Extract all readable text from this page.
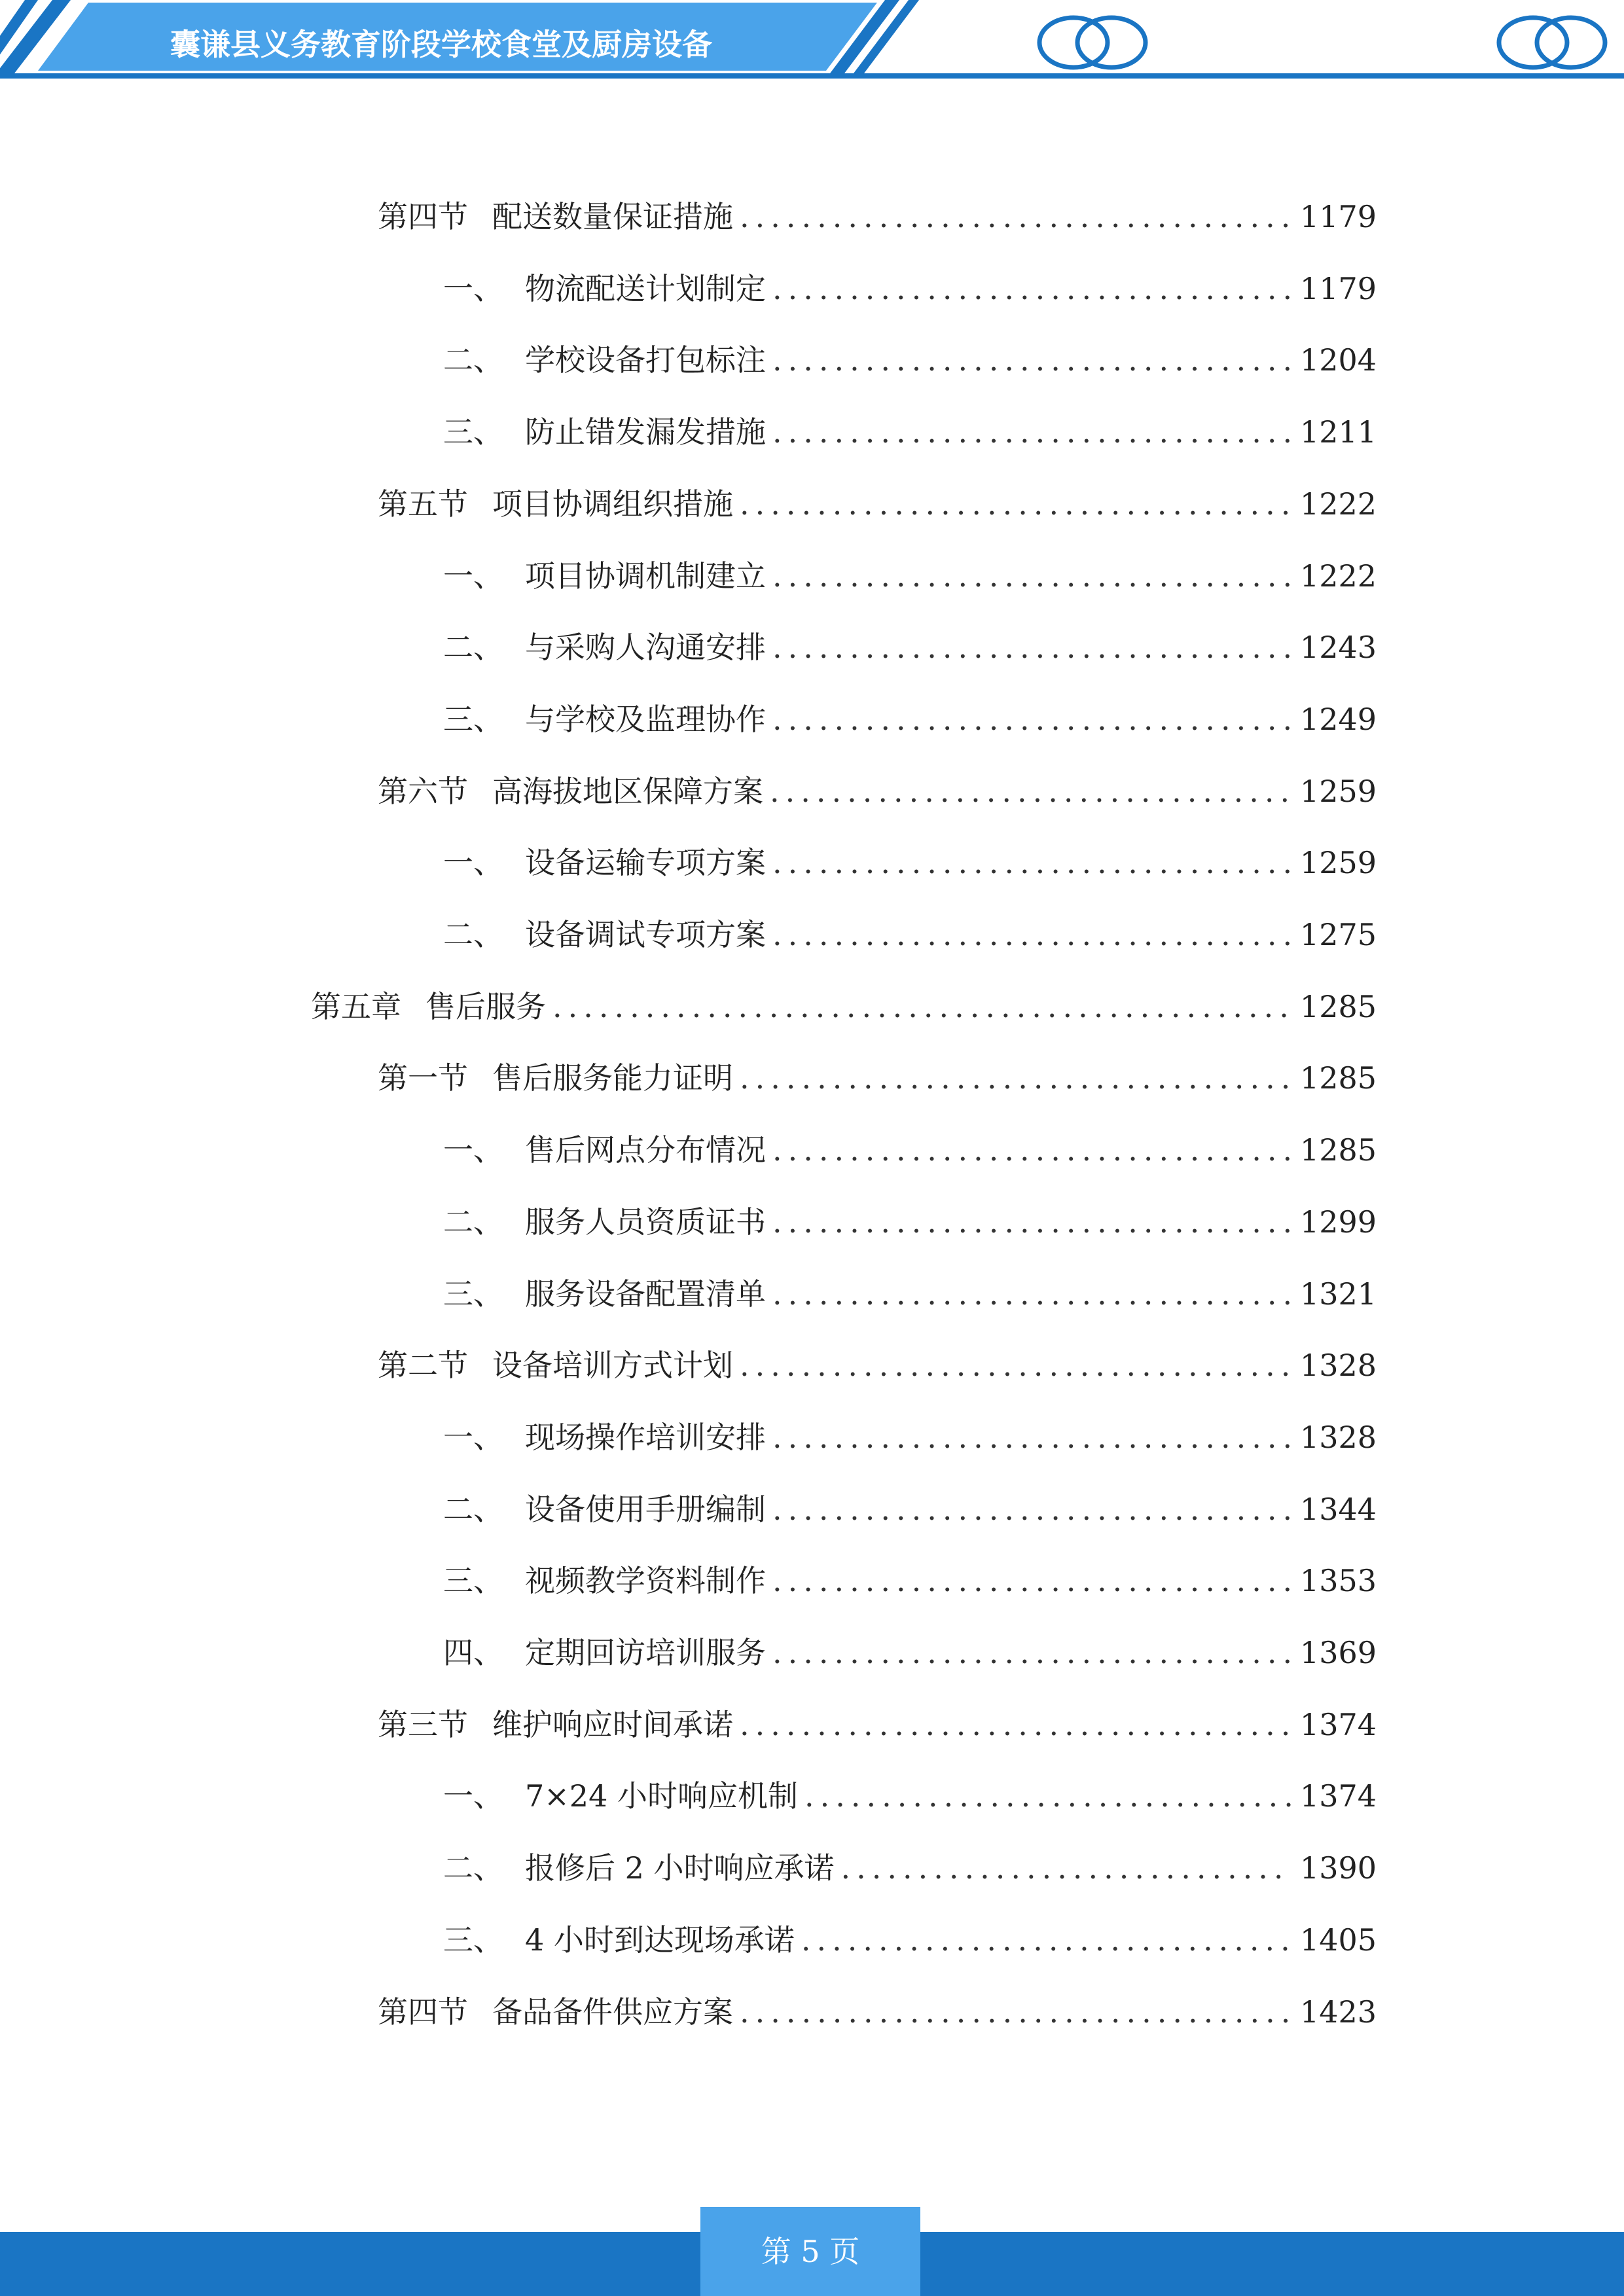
囊谦县义务教育阶段学校食堂及厨房设备
第四节 配送数量保证措施 .....	1179
一、 物流配送计划制定 .....	1179
二、 学校设备打包标注 .....	1204
三、 防止错发漏发措施 .....	1211
第五节 项目协调组织措施 .....	1222
一、 项目协调机制建立 .....	1222
二、 与采购人沟通安排 .....	1243
三、 与学校及监理协作 .....	1249
第六节 高海拔地区保障方案 .....	1259
一、 设备运输专项方案 .....	1259
二、 设备调试专项方案 .....	1275
第五章 售后服务 .....	1285
第一节 售后服务能力证明 .....	1285
一、 售后网点分布情况 .....	1285
二、 服务人员资质证书 .....	1299
三、 服务设备配置清单 .....	1321
第二节 设备培训方式计划 .....	1328
一、 现场操作培训安排 .....	1328
二、 设备使用手册编制 .....	1344
三、 视频教学资料制作 .....	1353
四、 定期回访培训服务 .....	1369
第三节 维护响应时间承诺 .....	1374
一、 7×24 小时响应机制 .....	1374
二、 报修后 2 小时响应承诺 .....	1390
三、 4 小时到达现场承诺 .....	1405
第四节 备品备件供应方案 .....	1423
第 5 页
